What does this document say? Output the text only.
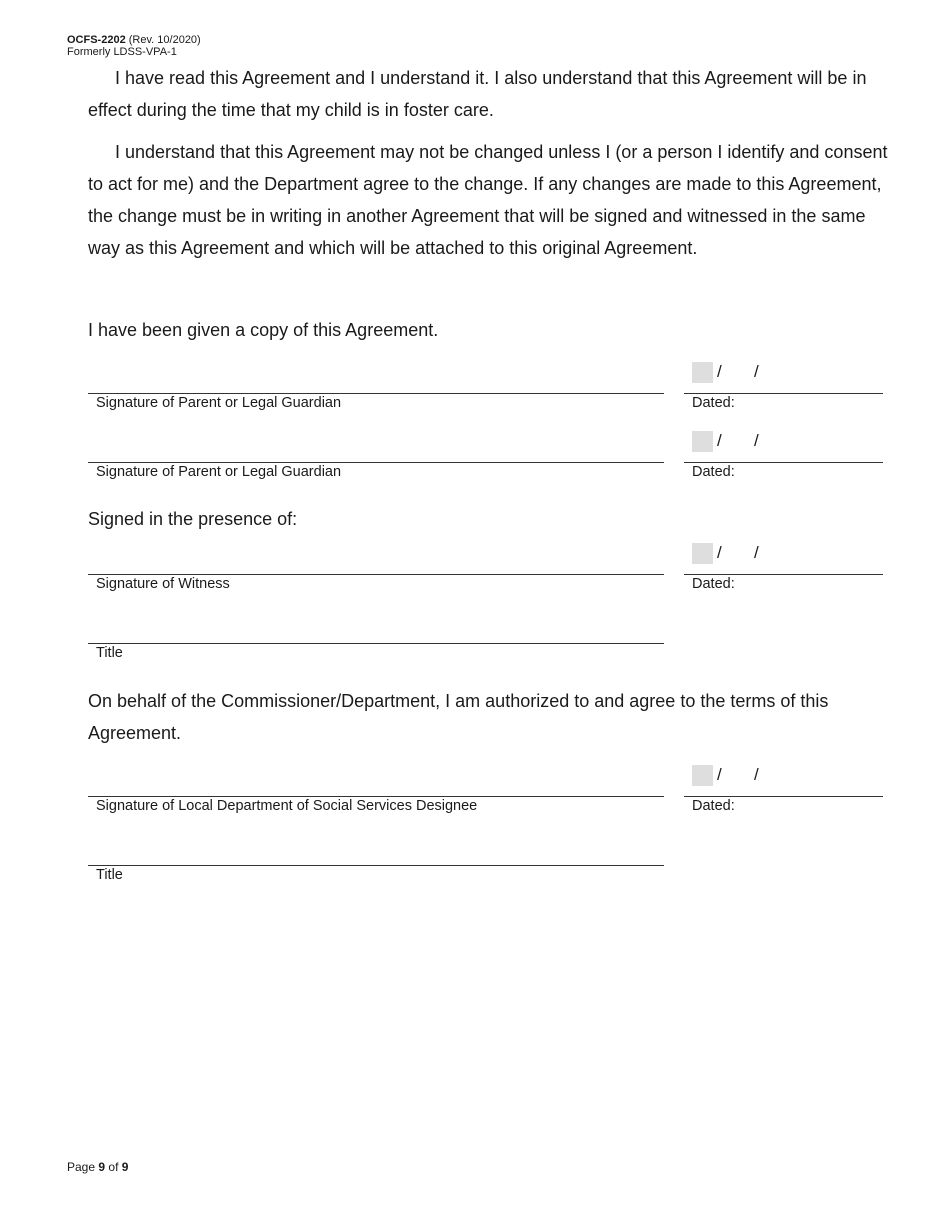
OCFS-2202 (Rev. 10/2020)
Formerly LDSS-VPA-1

I have read this Agreement and I understand it. I also understand that this Agreement will be in effect during the time that my child is in foster care.

I understand that this Agreement may not be changed unless I (or a person I identify and consent to act for me) and the Department agree to the change. If any changes are made to this Agreement, the change must be in writing in another Agreement that will be signed and witnessed in the same way as this Agreement and which will be attached to this original Agreement.

I have been given a copy of this Agreement.

Signature of Parent or Legal Guardian
/ /
Dated:
Signature of Parent or Legal Guardian
/ /
Dated:
Signed in the presence of:
Signature of Witness
/ /
Dated:
Title

On behalf of the Commissioner/Department, I am authorized to and agree to the terms of this Agreement.

Signature of Local Department of Social Services Designee
/ /
Dated:
Title
Page 9 of 9
